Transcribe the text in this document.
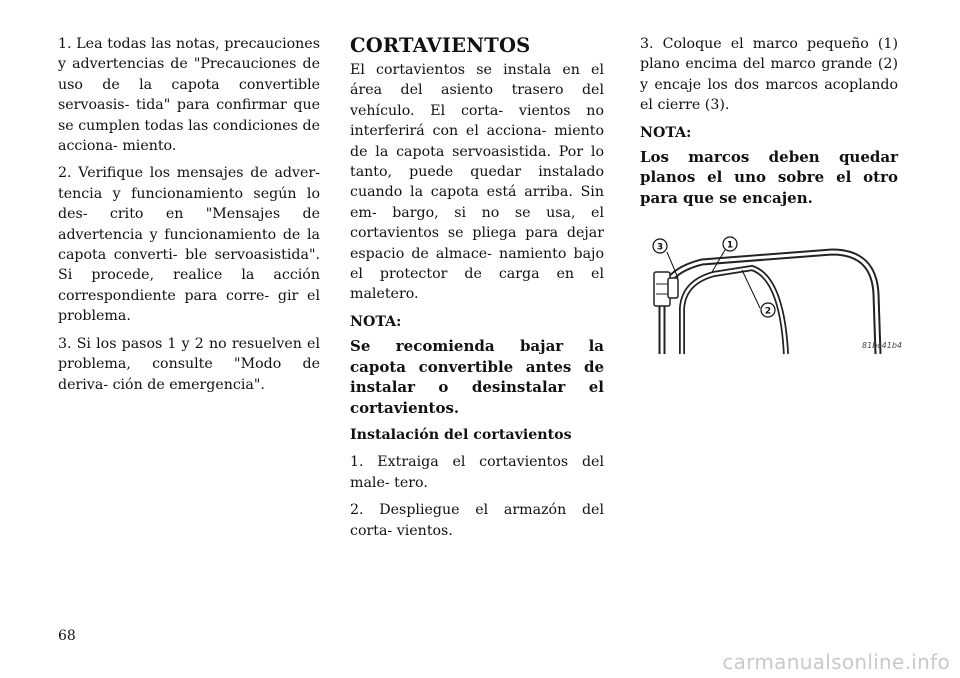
1. Lea todas las notas, precauciones y advertencias de "Precauciones de uso de la capota convertible servoasis- tida" para confirmar que se cumplen todas las condiciones de acciona- miento.

2. Verifique los mensajes de adver- tencia y funcionamiento según lo des- crito en "Mensajes de advertencia y funcionamiento de la capota converti- ble servoasistida". Si procede, realice la acción correspondiente para corre- gir el problema.

3. Si los pasos 1 y 2 no resuelven el problema, consulte "Modo de deriva- ción de emergencia".

CORTAVIENTOS

El cortavientos se instala en el área del asiento trasero del vehículo. El corta- vientos no interferirá con el acciona- miento de la capota servoasistida. Por lo tanto, puede quedar instalado cuando la capota está arriba. Sin em- bargo, si no se usa, el cortavientos se pliega para dejar espacio de almace- namiento bajo el protector de carga en el maletero.

NOTA:

Se recomienda bajar la capota convertible antes de instalar o desinstalar el cortavientos.

Instalación del cortavientos

1. Extraiga el cortavientos del male- tero.

2. Despliegue el armazón del corta- vientos.

3. Coloque el marco pequeño (1) plano encima del marco grande (2) y encaje los dos marcos acoplando el cierre (3).

NOTA:

Los marcos deben quedar planos el uno sobre el otro para que se encajen.

3	1
2
81bc41b4
68
carmanualsonline.info
